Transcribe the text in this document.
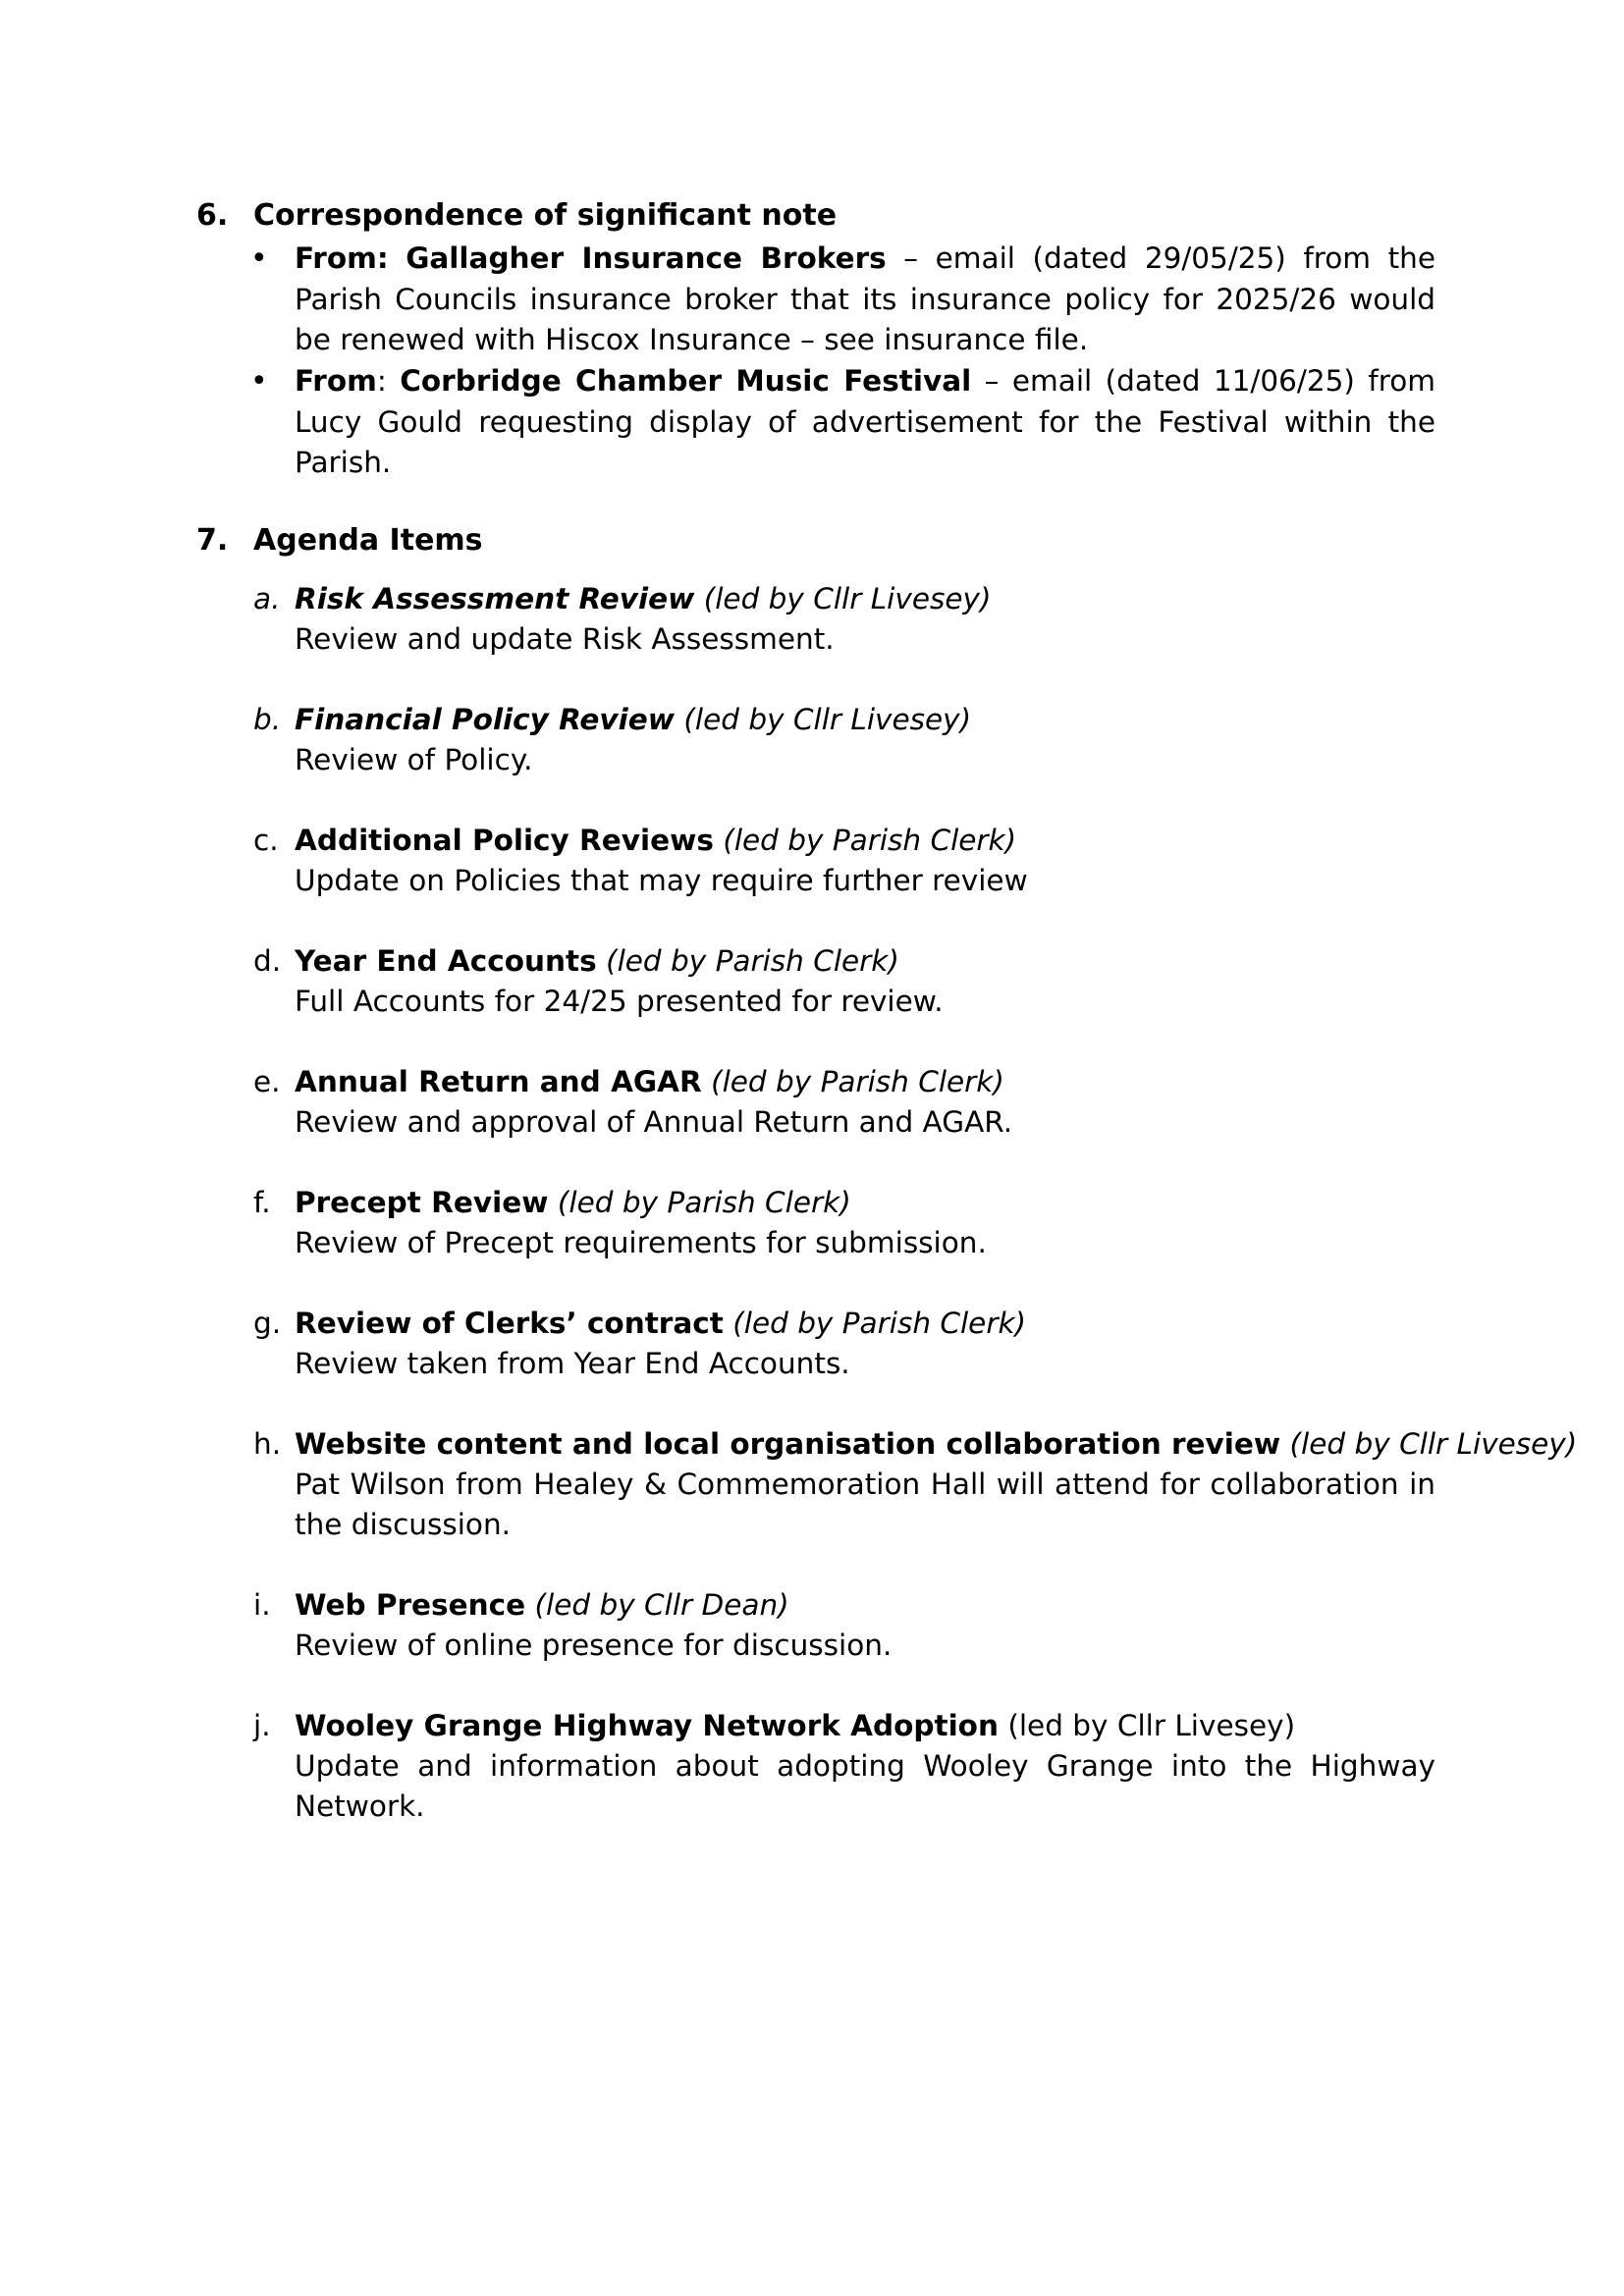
6. Correspondence of significant note
• From: Gallagher Insurance Brokers – email (dated 29/05/25) from the Parish Councils insurance broker that its insurance policy for 2025/26 would be renewed with Hiscox Insurance – see insurance file.
• From: Corbridge Chamber Music Festival – email (dated 11/06/25) from Lucy Gould requesting display of advertisement for the Festival within the Parish.
7. Agenda Items
a. Risk Assessment Review (led by Cllr Livesey)
Review and update Risk Assessment.
b. Financial Policy Review (led by Cllr Livesey)
Review of Policy.
c. Additional Policy Reviews (led by Parish Clerk)
Update on Policies that may require further review
d. Year End Accounts (led by Parish Clerk)
Full Accounts for 24/25 presented for review.
e. Annual Return and AGAR (led by Parish Clerk)
Review and approval of Annual Return and AGAR.
f. Precept Review (led by Parish Clerk)
Review of Precept requirements for submission.
g. Review of Clerks’ contract (led by Parish Clerk)
Review taken from Year End Accounts.
h. Website content and local organisation collaboration review (led by Cllr Livesey)
Pat Wilson from Healey & Commemoration Hall will attend for collaboration in the discussion.
i. Web Presence (led by Cllr Dean)
Review of online presence for discussion.
j. Wooley Grange Highway Network Adoption (led by Cllr Livesey)
Update and information about adopting Wooley Grange into the Highway Network.
